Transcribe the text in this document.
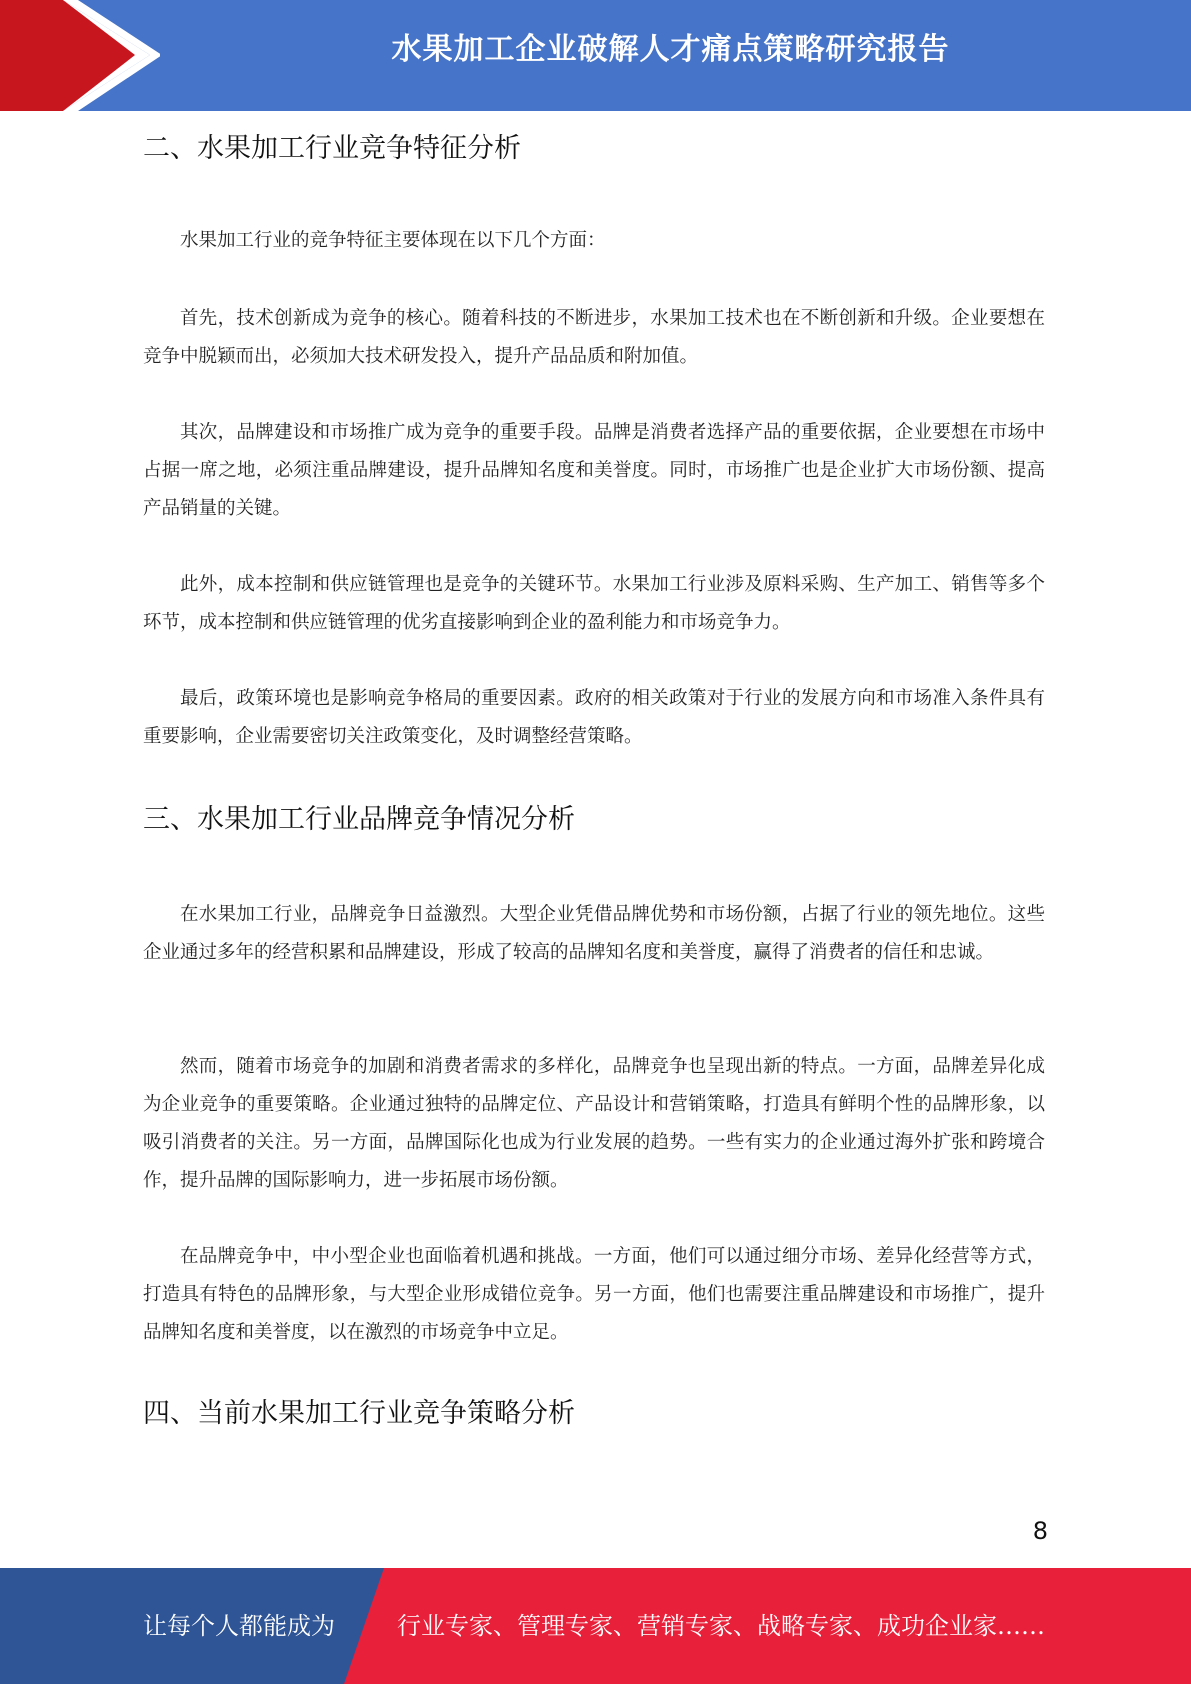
水果加工企业破解人才痛点策略研究报告
二、水果加工行业竞争特征分析

水果加工行业的竞争特征主要体现在以下几个方面：

首先，技术创新成为竞争的核心。随着科技的不断进步，水果加工技术也在不断创新和升级。企业要想在竞争中脱颖而出，必须加大技术研发投入，提升产品品质和附加值。

其次，品牌建设和市场推广成为竞争的重要手段。品牌是消费者选择产品的重要依据，企业要想在市场中占据一席之地，必须注重品牌建设，提升品牌知名度和美誉度。同时，市场推广也是企业扩大市场份额、提高产品销量的关键。

此外，成本控制和供应链管理也是竞争的关键环节。水果加工行业涉及原料采购、生产加工、销售等多个环节，成本控制和供应链管理的优劣直接影响到企业的盈利能力和市场竞争力。

最后，政策环境也是影响竞争格局的重要因素。政府的相关政策对于行业的发展方向和市场准入条件具有重要影响，企业需要密切关注政策变化，及时调整经营策略。

三、水果加工行业品牌竞争情况分析

在水果加工行业，品牌竞争日益激烈。大型企业凭借品牌优势和市场份额，占据了行业的领先地位。这些企业通过多年的经营积累和品牌建设，形成了较高的品牌知名度和美誉度，赢得了消费者的信任和忠诚。

然而，随着市场竞争的加剧和消费者需求的多样化，品牌竞争也呈现出新的特点。一方面，品牌差异化成为企业竞争的重要策略。企业通过独特的品牌定位、产品设计和营销策略，打造具有鲜明个性的品牌形象，以吸引消费者的关注。另一方面，品牌国际化也成为行业发展的趋势。一些有实力的企业通过海外扩张和跨境合作，提升品牌的国际影响力，进一步拓展市场份额。

在品牌竞争中，中小型企业也面临着机遇和挑战。一方面，他们可以通过细分市场、差异化经营等方式，打造具有特色的品牌形象，与大型企业形成错位竞争。另一方面，他们也需要注重品牌建设和市场推广，提升品牌知名度和美誉度，以在激烈的市场竞争中立足。

四、当前水果加工行业竞争策略分析
8
让每个人都能成为	行业专家、管理专家、营销专家、战略专家、成功企业家……
